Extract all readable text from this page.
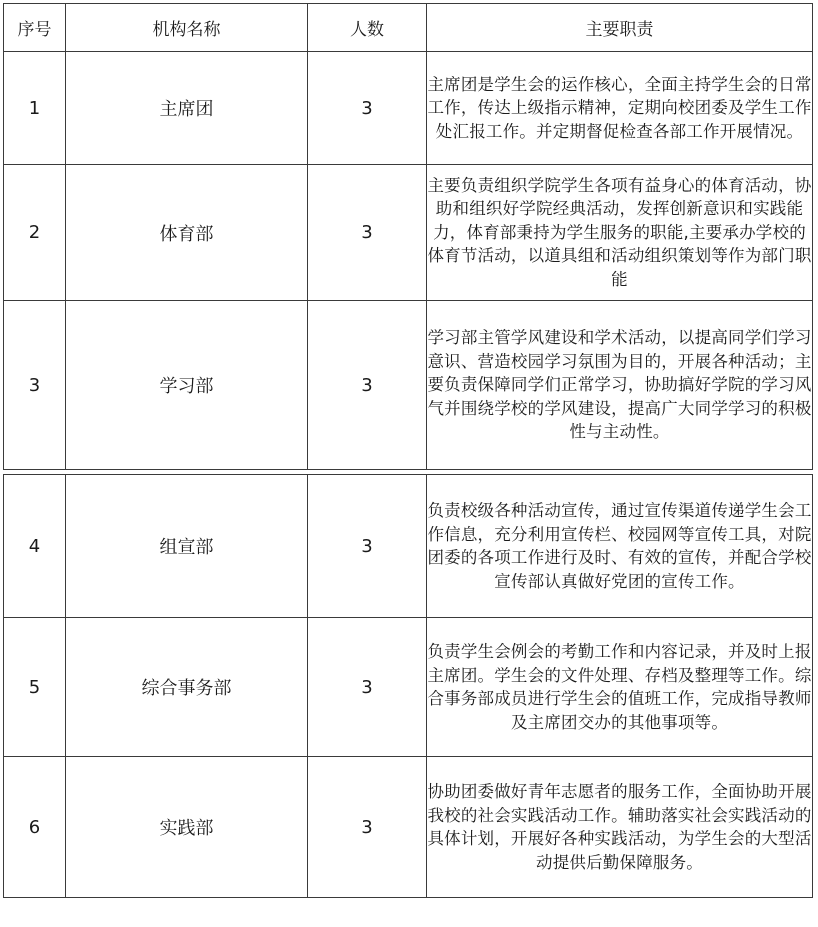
序号	机构名称	人数	主要职责
1	主席团	3	主席团是学生会的运作核心，全面主持学生会的日常工作，传达上级指示精神，定期向校团委及学生工作处汇报工作。并定期督促检查各部工作开展情况。

2	体育部	3	主要负责组织学院学生各项有益身心的体育活动，协助和组织好学院经典活动，发挥创新意识和实践能力，体育部秉持为学生服务的职能,主要承办学校的体育节活动，以道具组和活动组织策划等作为部门职能

3	学习部	3	学习部主管学风建设和学术活动，以提高同学们学习意识、营造校园学习氛围为目的，开展各种活动；主要负责保障同学们正常学习，协助搞好学院的学习风气并围绕学校的学风建设，提高广大同学学习的积极性与主动性。

4	组宣部	3	负责校级各种活动宣传，通过宣传渠道传递学生会工作信息，充分利用宣传栏、校园网等宣传工具，对院团委的各项工作进行及时、有效的宣传，并配合学校宣传部认真做好党团的宣传工作。

5	综合事务部	3	负责学生会例会的考勤工作和内容记录，并及时上报主席团。学生会的文件处理、存档及整理等工作。综合事务部成员进行学生会的值班工作，完成指导教师及主席团交办的其他事项等。

6	实践部	3	协助团委做好青年志愿者的服务工作，全面协助开展我校的社会实践活动工作。辅助落实社会实践活动的具体计划，开展好各种实践活动，为学生会的大型活动提供后勤保障服务。
